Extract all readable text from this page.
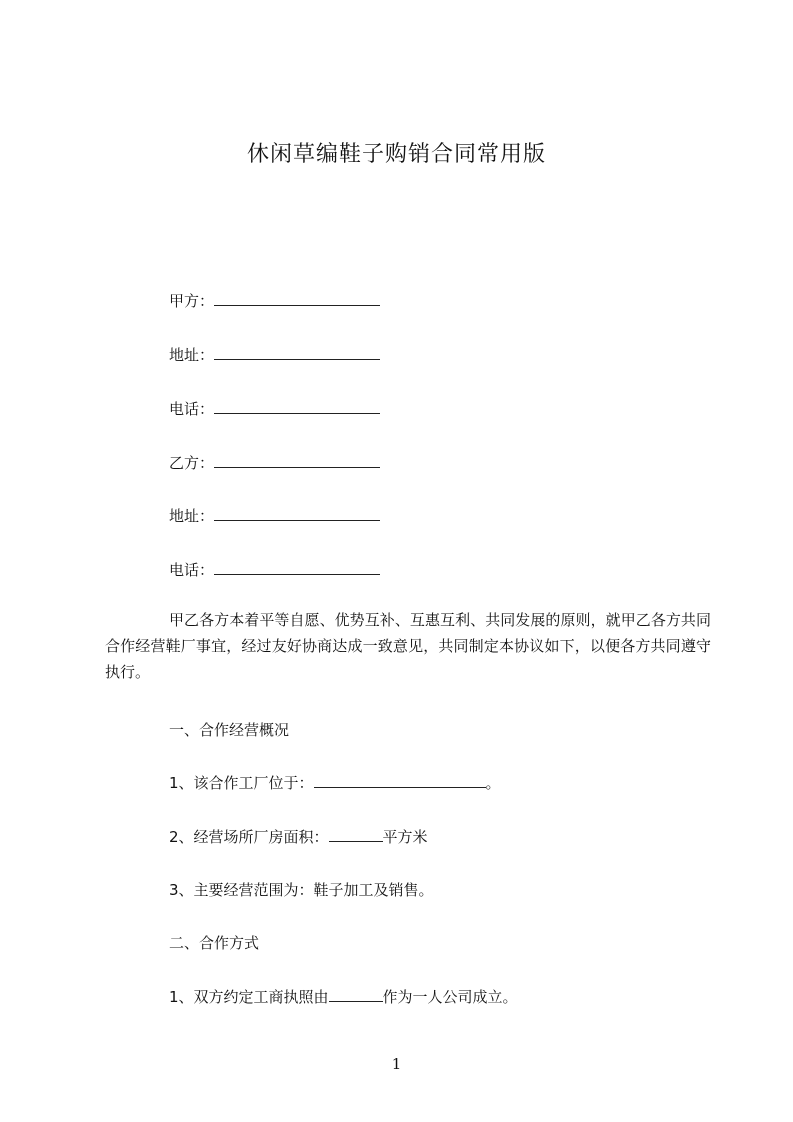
休闲草编鞋子购销合同常用版
甲方：
地址：
电话：
乙方：
地址：
电话：
甲乙各方本着平等自愿、优势互补、互惠互利、共同发展的原则，就甲乙各方共同合作经营鞋厂事宜，经过友好协商达成一致意见，共同制定本协议如下，以便各方共同遵守执行。
一、合作经营概况
1、该合作工厂位于：	。
2、经营场所厂房面积：	平方米
3、主要经营范围为：鞋子加工及销售。
二、合作方式
1、双方约定工商执照由	作为一人公司成立。
1
